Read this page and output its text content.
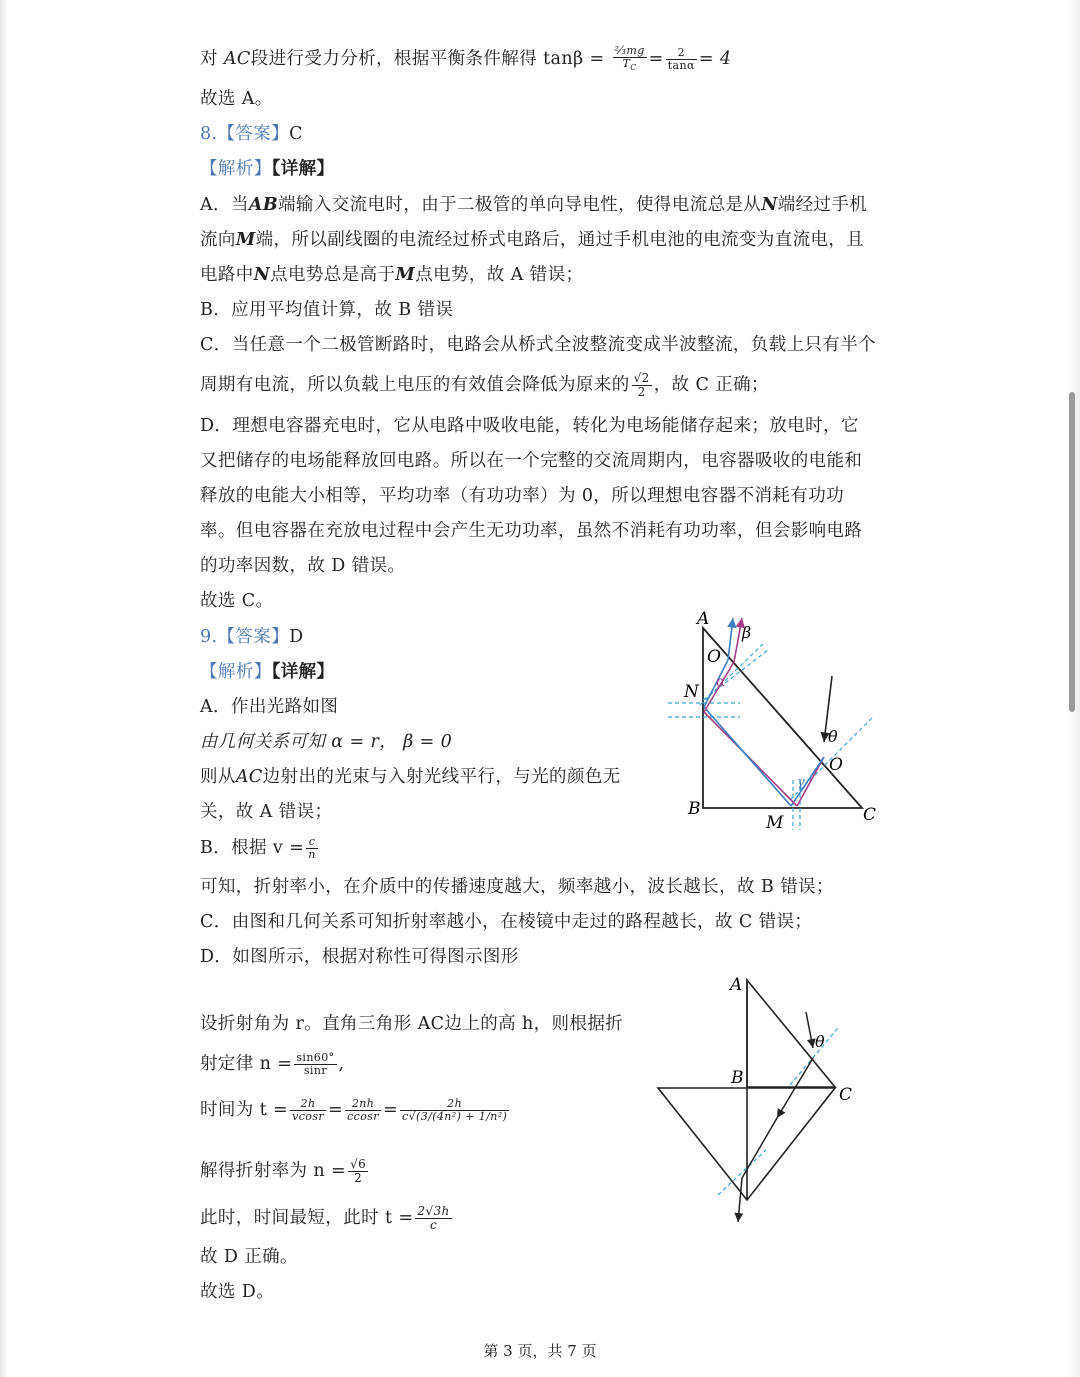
对 AC段进行受力分析，根据平衡条件解得 $\tan\beta = \frac{\text{²⁄₃mg}}{T_C} = \frac{2}{\tan\alpha} = 4$
故选 A。
8.【答案】C
【解析】【详解】
A．当AB端输入交流电时，由于二极管的单向导电性，使得电流总是从N端经过手机
流向M端，所以副线圈的电流经过桥式电路后，通过手机电池的电流变为直流电，且
电路中N点电势总是高于M点电势，故 A 错误；
B．应用平均值计算，故 B 错误
C．当任意一个二极管断路时，电路会从桥式全波整流变成半波整流，负载上只有半个
周期有电流，所以负载上电压的有效值会降低为原来的 $\frac{√2}{2}$ ，故 C 正确；
D．理想电容器充电时，它从电路中吸收电能，转化为电场能储存起来；放电时，它
又把储存的电场能释放回电路。所以在一个完整的交流周期内，电容器吸收的电能和
释放的电能大小相等，平均功率（有功功率）为 0，所以理想电容器不消耗有功功
率。但电容器在充放电过程中会产生无功功率，虽然不消耗有功功率，但会影响电路
的功率因数，故 D 错误。
故选 C。
9.【答案】D
【解析】【详解】
A．作出光路如图
由几何关系可知 α = r， β = 0
则从AC边射出的光束与入射光线平行，与光的颜色无
关，故 A 错误；
B．根据 $v = \frac{c}{n}$
可知，折射率小，在介质中的传播速度越大，频率越小，波长越长，故 B 错误；
C．由图和几何关系可知折射率越小，在棱镜中走过的路程越长，故 C 错误；
D．如图所示，根据对称性可得图示图形
设折射角为 r。直角三角形 AC边上的高 h，则根据折
射定律 $n = \frac{\sin 60^\circ}{\sin r}$ ,
时间为 $t = \frac{2h}{vcosr} = \frac{2nh}{ccosr} = \frac{2h}{\text{c√(3/(4n²) + 1/n²)}}$
解得折射率为 $n = \frac{√6}{2}$
此时，时间最短，此时 $t = \frac{2√3h}{c}$
故 D 正确。
故选 D。
第 3 页，共 7 页
A
N
O
α
β
θ
O
γ
B
M	C
A
B
C
θ
